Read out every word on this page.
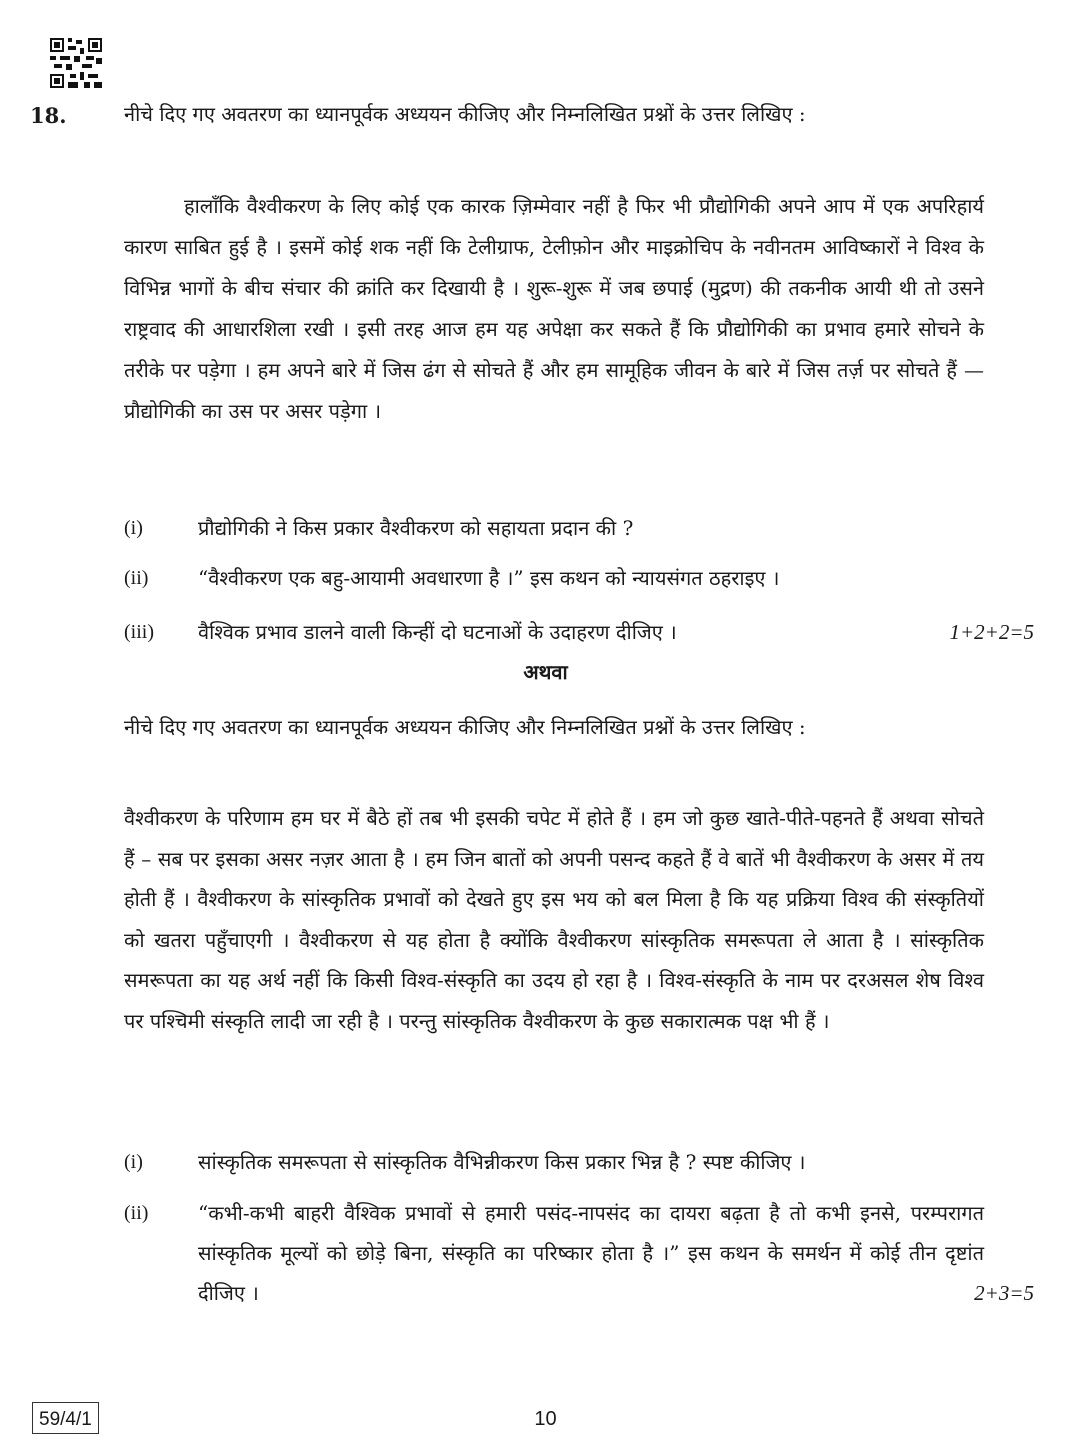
18.	नीचे दिए गए अवतरण का ध्यानपूर्वक अध्ययन कीजिए और निम्नलिखित प्रश्नों के उत्तर लिखिए :
हालाँकि वैश्वीकरण के लिए कोई एक कारक ज़िम्मेवार नहीं है फिर भी प्रौद्योगिकी अपने आप में एक अपरिहार्य कारण साबित हुई है । इसमें कोई शक नहीं कि टेलीग्राफ, टेलीफ़ोन और माइक्रोचिप के नवीनतम आविष्कारों ने विश्व के विभिन्न भागों के बीच संचार की क्रांति कर दिखायी है । शुरू-शुरू में जब छपाई (मुद्रण) की तकनीक आयी थी तो उसने राष्ट्रवाद की आधारशिला रखी । इसी तरह आज हम यह अपेक्षा कर सकते हैं कि प्रौद्योगिकी का प्रभाव हमारे सोचने के तरीके पर पड़ेगा । हम अपने बारे में जिस ढंग से सोचते हैं और हम सामूहिक जीवन के बारे में जिस तर्ज़ पर सोचते हैं — प्रौद्योगिकी का उस पर असर पड़ेगा ।
(i)	प्रौद्योगिकी ने किस प्रकार वैश्वीकरण को सहायता प्रदान की ?
(ii) “वैश्वीकरण एक बहु-आयामी अवधारणा है ।” इस कथन को न्यायसंगत ठहराइए ।
(iii) वैश्विक प्रभाव डालने वाली किन्हीं दो घटनाओं के उदाहरण दीजिए ।	1+2+2=5
अथवा
नीचे दिए गए अवतरण का ध्यानपूर्वक अध्ययन कीजिए और निम्नलिखित प्रश्नों के उत्तर लिखिए :
वैश्वीकरण के परिणाम हम घर में बैठे हों तब भी इसकी चपेट में होते हैं । हम जो कुछ खाते-पीते-पहनते हैं अथवा सोचते हैं – सब पर इसका असर नज़र आता है । हम जिन बातों को अपनी पसन्द कहते हैं वे बातें भी वैश्वीकरण के असर में तय होती हैं । वैश्वीकरण के सांस्कृतिक प्रभावों को देखते हुए इस भय को बल मिला है कि यह प्रक्रिया विश्व की संस्कृतियों को खतरा पहुँचाएगी । वैश्वीकरण से यह होता है क्योंकि वैश्वीकरण सांस्कृतिक समरूपता ले आता है । सांस्कृतिक समरूपता का यह अर्थ नहीं कि किसी विश्व-संस्कृति का उदय हो रहा है । विश्व-संस्कृति के नाम पर दरअसल शेष विश्व पर पश्चिमी संस्कृति लादी जा रही है । परन्तु सांस्कृतिक वैश्वीकरण के कुछ सकारात्मक पक्ष भी हैं ।
(i)	सांस्कृतिक समरूपता से सांस्कृतिक वैभिन्नीकरण किस प्रकार भिन्न है ? स्पष्ट कीजिए ।
(ii) “कभी-कभी बाहरी वैश्विक प्रभावों से हमारी पसंद-नापसंद का दायरा बढ़ता है तो कभी इनसे, परम्परागत सांस्कृतिक मूल्यों को छोड़े बिना, संस्कृति का परिष्कार होता है ।” इस कथन के समर्थन में कोई तीन दृष्टांत दीजिए ।	2+3=5
59/4/1	10
